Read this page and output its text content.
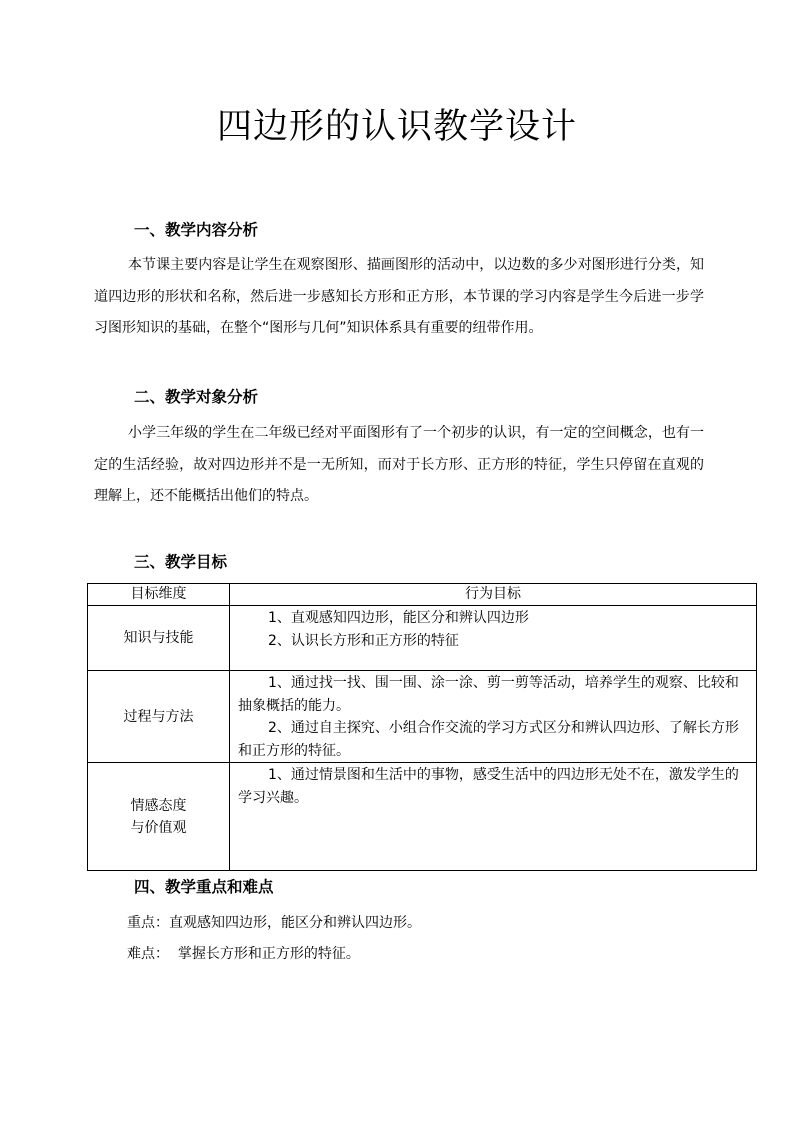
四边形的认识教学设计
一、教学内容分析
本节课主要内容是让学生在观察图形、描画图形的活动中，以边数的多少对图形进行分类，知道四边形的形状和名称，然后进一步感知长方形和正方形，本节课的学习内容是学生今后进一步学习图形知识的基础，在整个“图形与几何”知识体系具有重要的纽带作用。
二、教学对象分析
小学三年级的学生在二年级已经对平面图形有了一个初步的认识，有一定的空间概念，也有一定的生活经验，故对四边形并不是一无所知，而对于长方形、正方形的特征，学生只停留在直观的理解上，还不能概括出他们的特点。
三、教学目标
目标维度	行为目标

知识与技能	1、直观感知四边形，能区分和辨认四边形

2、认识长方形和正方形的特征

过程与方法	1、通过找一找、围一围、涂一涂、剪一剪等活动，培养学生的观察、比较和抽象概括的能力。

2、通过自主探究、小组合作交流的学习方式区分和辨认四边形、了解长方形和正方形的特征。

情感态度
与价值观	1、通过情景图和生活中的事物，感受生活中的四边形无处不在，激发学生的学习兴趣。

四、教学重点和难点
重点：直观感知四边形，能区分和辨认四边形。
难点：  掌握长方形和正方形的特征。
